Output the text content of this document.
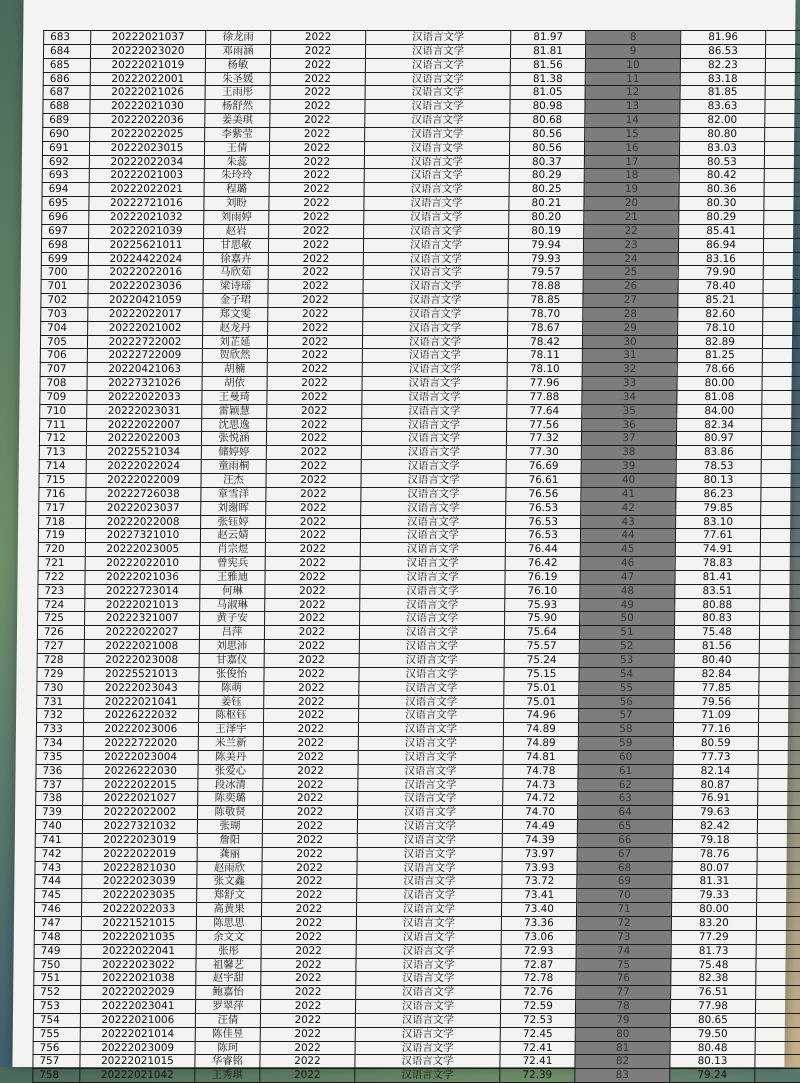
683	20222021037	徐龙雨	2022	汉语言文学	81.97	8	81.96	
684	20222023020	邓雨涵	2022	汉语言文学	81.81	9	86.53	
685	20222021019	杨敏	2022	汉语言文学	81.56	10	82.23	
686	20222022001	朱圣媛	2022	汉语言文学	81.38	11	83.18	
687	20222021026	王雨彤	2022	汉语言文学	81.05	12	81.85	
688	20222021030	杨舒然	2022	汉语言文学	80.98	13	83.63	
689	20222022036	姜美琪	2022	汉语言文学	80.68	14	82.00	
690	20222022025	李紫莹	2022	汉语言文学	80.56	15	80.80	
691	20222023015	王倩	2022	汉语言文学	80.56	16	83.03	
692	20222022034	朱蕊	2022	汉语言文学	80.37	17	80.53	
693	20222021003	朱玲玲	2022	汉语言文学	80.29	18	80.42	
694	20222022021	程璐	2022	汉语言文学	80.25	19	80.36	
695	20222721016	刘盼	2022	汉语言文学	80.21	20	80.30	
696	20222021032	刘雨婷	2022	汉语言文学	80.20	21	80.29	
697	20222021039	赵岩	2022	汉语言文学	80.19	22	85.41	
698	20225621011	甘思敏	2022	汉语言文学	79.94	23	86.94	
699	20224422024	徐嘉卉	2022	汉语言文学	79.93	24	83.16	
700	20222022016	马欣茹	2022	汉语言文学	79.57	25	79.90	
701	20222023036	梁诗瑶	2022	汉语言文学	78.88	26	78.40	
702	20220421059	金子珺	2022	汉语言文学	78.85	27	85.21	
703	20222022017	郑文雯	2022	汉语言文学	78.70	28	82.60	
704	20222021002	赵龙丹	2022	汉语言文学	78.67	29	78.10	
705	20222722002	刘芷延	2022	汉语言文学	78.42	30	82.89	
706	20222722009	贺欣然	2022	汉语言文学	78.11	31	81.25	
707	20220421063	胡楠	2022	汉语言文学	78.10	32	78.66	
708	20227321026	胡依	2022	汉语言文学	77.96	33	80.00	
709	20222022033	王曼琦	2022	汉语言文学	77.88	34	81.08	
710	20222023031	雷颖慧	2022	汉语言文学	77.64	35	84.00	
711	20222022007	沈思逸	2022	汉语言文学	77.56	36	82.34	
712	20222022003	张悦涵	2022	汉语言文学	77.32	37	80.97	
713	20225521034	储婷婷	2022	汉语言文学	77.30	38	83.86	
714	20222022024	童雨桐	2022	汉语言文学	76.69	39	78.53	
715	20222022009	汪杰	2022	汉语言文学	76.61	40	80.13	
716	20222726038	章雪洋	2022	汉语言文学	76.56	41	86.23	
717	20222023037	刘谢晖	2022	汉语言文学	76.53	42	79.85	
718	20222022008	张钰婷	2022	汉语言文学	76.53	43	83.10	
719	20227321010	赵云婧	2022	汉语言文学	76.53	44	77.61	
720	20222023005	肖宗煜	2022	汉语言文学	76.44	45	74.91	
721	20222022010	曾宪兵	2022	汉语言文学	76.42	46	78.83	
722	20222021036	王雅迪	2022	汉语言文学	76.19	47	81.41	
723	20222723014	何琳	2022	汉语言文学	76.10	48	83.51	
724	20222021013	马淑琳	2022	汉语言文学	75.93	49	80.88	
725	20222321007	黄子安	2022	汉语言文学	75.90	50	80.83	
726	20222022027	吕萍	2022	汉语言文学	75.64	51	75.48	
727	20222021008	刘思沛	2022	汉语言文学	75.57	52	81.56	
728	20222023008	甘嘉仪	2022	汉语言文学	75.24	53	80.40	
729	20225521013	张俊怡	2022	汉语言文学	75.15	54	82.84	
730	20222023043	陈萌	2022	汉语言文学	75.01	55	77.85	
731	20222021041	姜钰	2022	汉语言文学	75.01	56	79.56	
732	20226222032	陈枢钰	2022	汉语言文学	74.96	57	71.09	
733	20222023006	王泽宇	2022	汉语言文学	74.89	58	77.16	
734	20222722020	米兰新	2022	汉语言文学	74.89	59	80.59	
735	20222023004	陈美丹	2022	汉语言文学	74.81	60	77.73	
736	20226222030	张爱心	2022	汉语言文学	74.78	61	82.14	
737	20222022015	段冰清	2022	汉语言文学	74.73	62	80.87	
738	20222021027	陈奕璐	2022	汉语言文学	74.72	63	76.91	
739	20222022002	陈敬贤	2022	汉语言文学	74.70	64	79.63	
740	20227321032	张瑚	2022	汉语言文学	74.49	65	82.42	
741	20222023019	詹阳	2022	汉语言文学	74.39	66	79.18	
742	20222022019	龚丽	2022	汉语言文学	73.97	67	78.76	
743	20222821030	赵雨欣	2022	汉语言文学	73.93	68	80.07	
744	20222023039	张文鑫	2022	汉语言文学	73.72	69	81.31	
745	20222023035	郑舒文	2022	汉语言文学	73.41	70	79.33	
746	20222022033	高黄果	2022	汉语言文学	73.40	71	80.00	
747	20221521015	陈思思	2022	汉语言文学	73.36	72	83.20	
748	20222021035	余文文	2022	汉语言文学	73.06	73	77.29	
749	20222022041	张彤	2022	汉语言文学	72.93	74	81.73	
750	20222023022	祖馨艺	2022	汉语言文学	72.87	75	75.48	
751	20222021038	赵宇甜	2022	汉语言文学	72.78	76	82.38	
752	20222022029	鲍嘉怡	2022	汉语言文学	72.76	77	76.51	
753	20222023041	罗翠萍	2022	汉语言文学	72.59	78	77.98	
754	20222021006	汪倩	2022	汉语言文学	72.53	79	80.65	
755	20222021014	陈佳昱	2022	汉语言文学	72.45	80	79.50	
756	20222023009	陈珂	2022	汉语言文学	72.41	81	80.48	
757	20222021015	华睿铭	2022	汉语言文学	72.41	82	80.13	
758	20222021042	王秀琪	2022	汉语言文学	72.39	83	79.24	
